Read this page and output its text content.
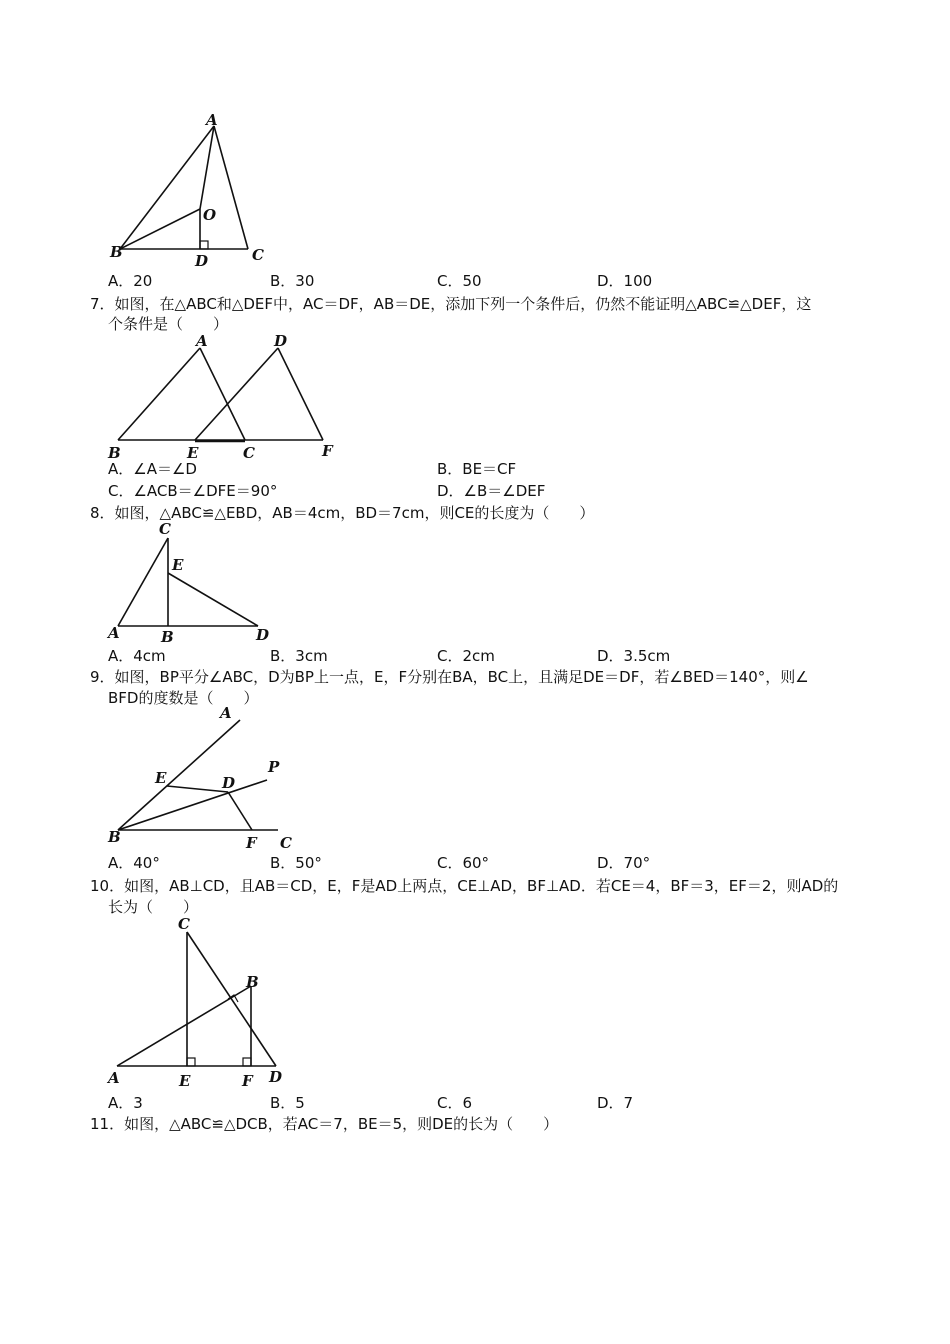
A
O
B	D	C
A．20	B．30	C．50	D．100
7．如图，在△ABC和△DEF中，AC＝DF，AB＝DE，添加下列一个条件后，仍然不能证明△ABC≌△DEF，这
个条件是（　　）
A	D
B	E	C	F
A．∠A＝∠D	B．BE＝CF
C．∠ACB＝∠DFE＝90°	D．∠B＝∠DEF
8．如图，△ABC≌△EBD，AB＝4cm，BD＝7cm，则CE的长度为（　　）
C
E
A	B	D
A．4cm	B．3cm	C．2cm	D．3.5cm
9．如图，BP平分∠ABC，D为BP上一点，E，F分别在BA，BC上，且满足DE＝DF，若∠BED＝140°，则∠
BFD的度数是（　　）
A
P
E	D
B	F C
A．40°	B．50°	C．60°	D．70°
10．如图，AB⊥CD，且AB＝CD，E，F是AD上两点，CE⊥AD，BF⊥AD．若CE＝4，BF＝3，EF＝2，则AD的
长为（　　）
C
B
A	E	F D
A．3	B．5	C．6	D．7
11．如图，△ABC≌△DCB，若AC＝7，BE＝5，则DE的长为（　　）
